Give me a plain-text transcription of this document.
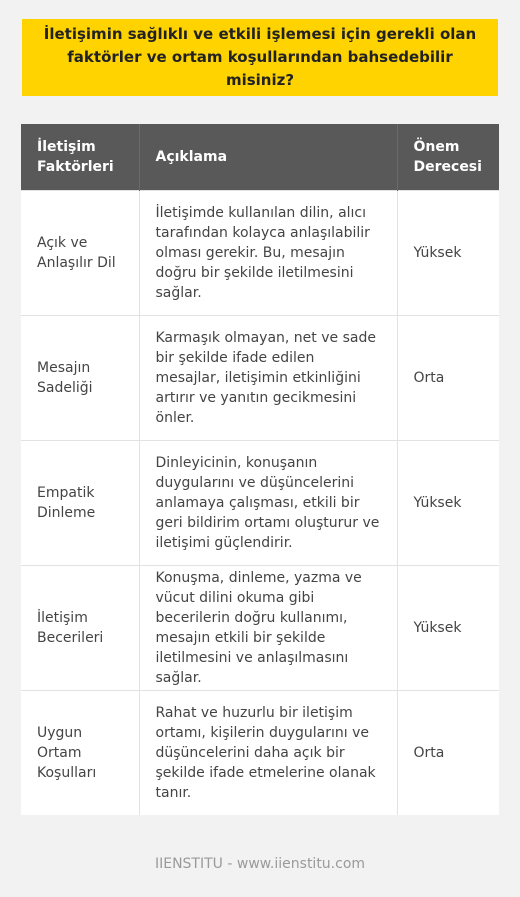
İletişimin sağlıklı ve etkili işlemesi için gerekli olan faktörler ve ortam koşullarından bahsedebilir misiniz?
İletişim Faktörleri	Açıklama	Önem Derecesi
Açık ve Anlaşılır Dil	İletişimde kullanılan dilin, alıcı tarafından kolayca anlaşılabilir olması gerekir. Bu, mesajın doğru bir şekilde iletilmesini sağlar.	Yüksek
Mesajın Sadeliği	Karmaşık olmayan, net ve sade bir şekilde ifade edilen mesajlar, iletişimin etkinliğini artırır ve yanıtın gecikmesini önler.	Orta
Empatik Dinleme	Dinleyicinin, konuşanın duygularını ve düşüncelerini anlamaya çalışması, etkili bir geri bildirim ortamı oluşturur ve iletişimi güçlendirir.	Yüksek
İletişim Becerileri	Konuşma, dinleme, yazma ve vücut dilini okuma gibi becerilerin doğru kullanımı, mesajın etkili bir şekilde iletilmesini ve anlaşılmasını sağlar.	Yüksek
Uygun Ortam Koşulları	Rahat ve huzurlu bir iletişim ortamı, kişilerin duygularını ve düşüncelerini daha açık bir şekilde ifade etmelerine olanak tanır.	Orta
IIENSTITU - www.iienstitu.com
